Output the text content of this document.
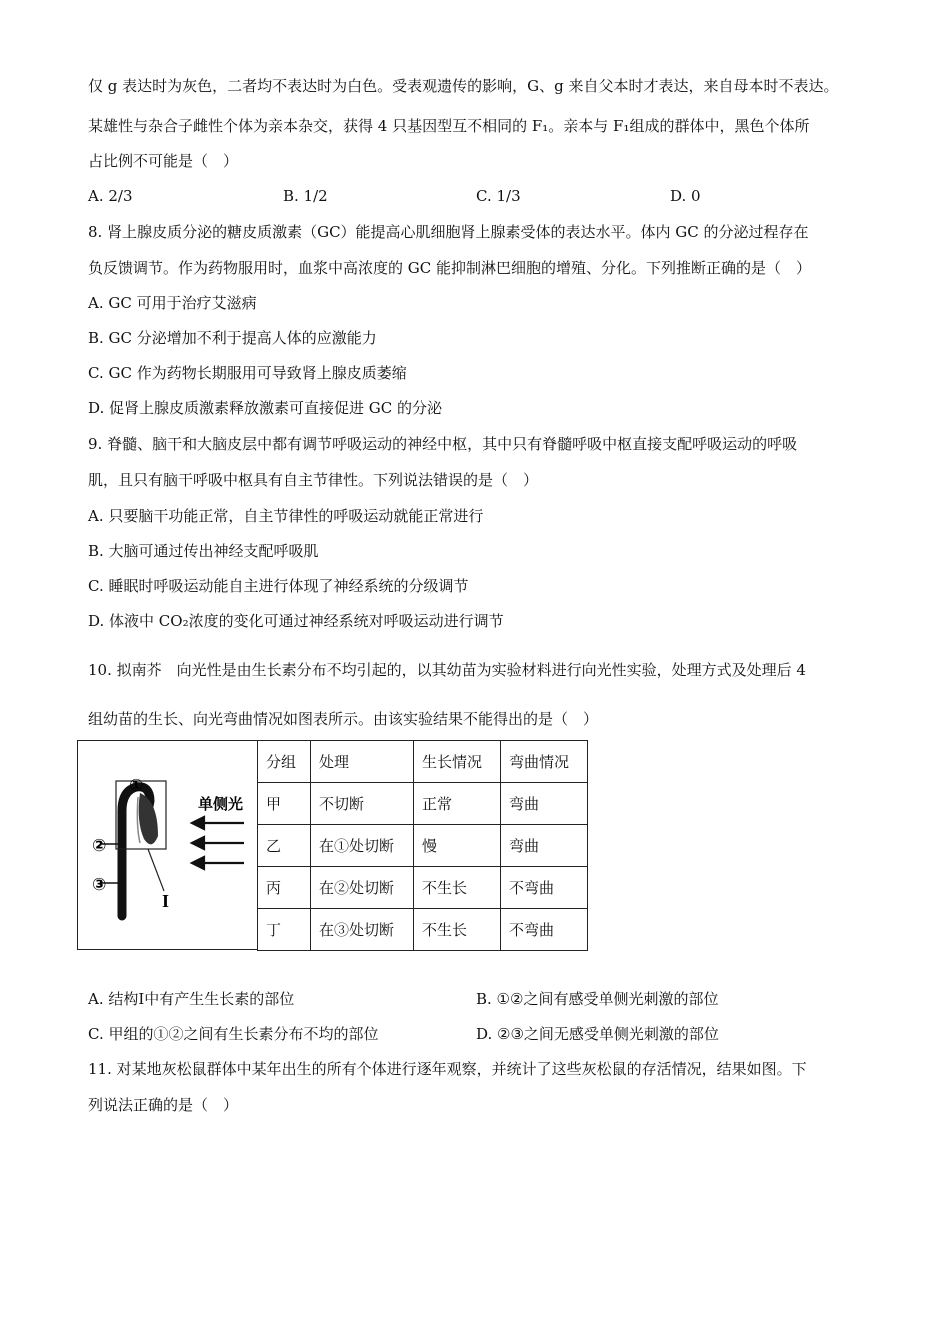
仅 g 表达时为灰色，二者均不表达时为白色。受表观遗传的影响，G、g 来自父本时才表达，来自母本时不表达。
某雄性与杂合子雌性个体为亲本杂交，获得 4 只基因型互不相同的 F₁。亲本与 F₁组成的群体中，黑色个体所
占比例不可能是（　）
A. 2/3	B. 1/2	C. 1/3	D. 0
8. 肾上腺皮质分泌的糖皮质激素（GC）能提高心肌细胞肾上腺素受体的表达水平。体内 GC 的分泌过程存在
负反馈调节。作为药物服用时，血浆中高浓度的 GC 能抑制淋巴细胞的增殖、分化。下列推断正确的是（　）
A. GC 可用于治疗艾滋病
B. GC 分泌增加不利于提高人体的应激能力
C. GC 作为药物长期服用可导致肾上腺皮质萎缩
D. 促肾上腺皮质激素释放激素可直接促进 GC 的分泌
9. 脊髓、脑干和大脑皮层中都有调节呼吸运动的神经中枢，其中只有脊髓呼吸中枢直接支配呼吸运动的呼吸
肌，且只有脑干呼吸中枢具有自主节律性。下列说法错误的是（　）
A. 只要脑干功能正常，自主节律性的呼吸运动就能正常进行
B. 大脑可通过传出神经支配呼吸肌
C. 睡眠时呼吸运动能自主进行体现了神经系统的分级调节
D. 体液中 CO₂浓度的变化可通过神经系统对呼吸运动进行调节
10. 拟南芥　向光性是由生长素分布不均引起的，以其幼苗为实验材料进行向光性实验，处理方式及处理后 4
组幼苗的生长、向光弯曲情况如图表所示。由该实验结果不能得出的是（　）
I
①
②
③
单侧光
分组	处理	生长情况	弯曲情况
甲	不切断	正常	弯曲
乙	在①处切断	慢	弯曲
丙	在②处切断	不生长	不弯曲
丁	在③处切断	不生长	不弯曲
A. 结构Ⅰ中有产生生长素的部位	B. ①②之间有感受单侧光刺激的部位
C. 甲组的①②之间有生长素分布不均的部位	D. ②③之间无感受单侧光刺激的部位
11. 对某地灰松鼠群体中某年出生的所有个体进行逐年观察，并统计了这些灰松鼠的存活情况，结果如图。下
列说法正确的是（　）
